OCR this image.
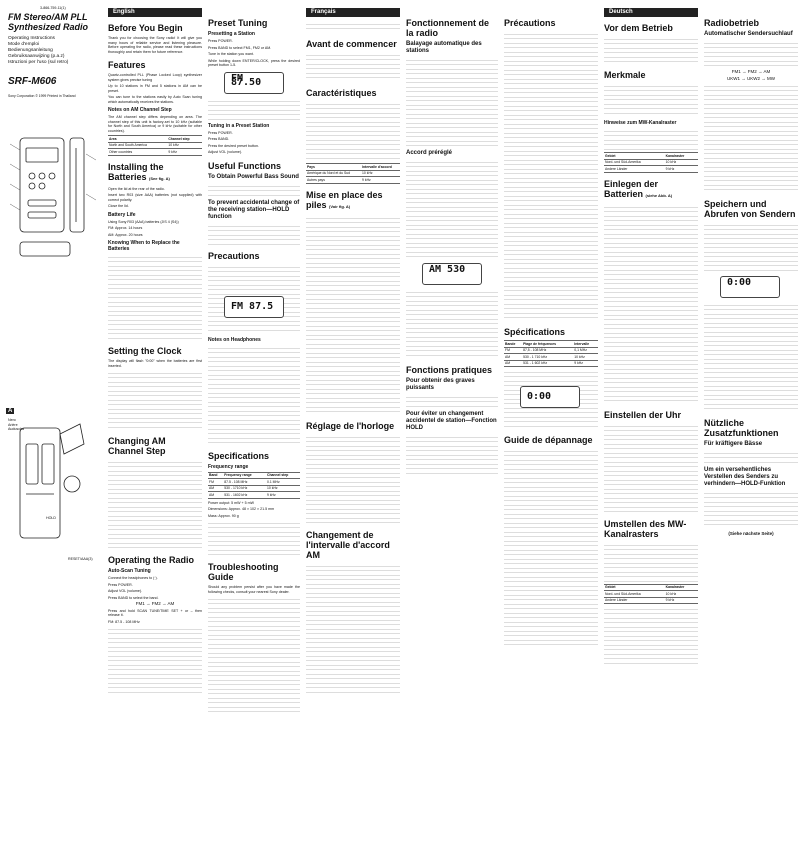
3-866-759-11(1)
FM Stereo/AM PLL
Synthesized Radio
Operating Instructions
Mode d'emploi
Bedienungsanleitung
Gebruiksaanwijzing (p.a.z)
Istruzioni per l'uso (sul retro)
SRF-M606
Sony Corporation © 1999 Printed in Thailand
A
Nero
Arière
Auduscha
HOLD
RESET/AAA(3)
English
Before You Begin
Thank you for choosing the Sony radio! It will give you many hours of reliable service and listening pleasure. Before operating the radio, please read these instructions thoroughly and retain them for future reference.
Features
Quartz-controlled PLL (Phase Locked Loop) synthesizer system gives precise tuning
Up to 10 stations in FM and 5 stations in AM can be preset.
You can tune to the stations easily by Auto Scan tuning which automatically receives the stations.
Notes on AM Channel Step
The AM channel step differs depending on area. The channel step of this unit is factory-set to 10 kHz (suitable for North and South America) or 9 kHz (suitable for other countries).
Area	Channel step
North and South America	10 kHz
Other countries	9 kHz
Installing the Batteries (See fig. A)
Open the lid at the rear of the radio.
Insert two R03 (size AAA) batteries (not supplied) with correct polarity.
Close the lid.
Battery Life
Using Sony R03 (AAA) batteries (JIS 4 (S4))
FM: Approx. 14 hours
AM: Approx. 20 hours
Knowing When to Replace the Batteries
Setting the Clock
The display will flash "0:00" when the batteries are first inserted.
Changing AM Channel Step
Operating the Radio
Auto-Scan Tuning
Connect the headphones to (·).
Press POWER.
Adjust VOL (volume).
Press BAND to select the band.
FM1 → FM2 → AM
Press and hold SCAN TUNE/TIME SET + or – then release it.
FM: 87.5 - 108 MHz
Preset Tuning
Presetting a Station
Press POWER.
Press BAND to select FM1, FM2 or AM.
Tune in the station you want.
While holding down ENTER/CLOCK, press the desired preset button 1-5.
FM 87.50
Tuning in a Preset Station
Press POWER.
Press BAND.
Press the desired preset button.
Adjust VOL (volume).
Useful Functions
To Obtain Powerful Bass Sound
To prevent accidental change of the receiving station—HOLD function
Precautions
Notes on Headphones
Specifications
Frequency range
Band	Frequency range	Channel step
FM	87.5 - 108 MHz	0.1 MHz
AM	530 - 1710 kHz	10 kHz
AM	531 - 1602 kHz	9 kHz
Power output: 5 mW + 5 mW
Dimensions: Approx. 48 × 102 × 21.5 mm
Mass: Approx. 90 g
Troubleshooting Guide
Should any problem persist after you have made the following checks, consult your nearest Sony dealer.
Français
Avant de commencer
Caractéristiques
Pays	Intervalle d'accord
Amérique du Nord et du Sud	10 kHz
Autres pays	9 kHz
Mise en place des piles (Voir fig. A)
Réglage de l'horloge
Changement de l'intervalle d'accord AM
Fonctionnement de la radio
Balayage automatique des stations
Accord préréglé
AM 530
Fonctions pratiques
Pour obtenir des graves puissants
Pour éviter un changement accidentel de station—Fonction HOLD
Précautions
Spécifications
Bande	Plage de fréquences	Intervalle
FM	87,5 - 108 MHz	0,1 MHz
AM	530 - 1 710 kHz	10 kHz
AM	531 - 1 602 kHz	9 kHz
Guide de dépannage
Deutsch
Vor dem Betrieb
Merkmale
Hinweise zum MW-Kanalraster
Gebiet	Kanalraster
Nord- und Süd-Amerika	10 kHz
Andere Länder	9 kHz
Einlegen der Batterien (siehe Abb. A)
Einstellen der Uhr
Umstellen des MW-Kanalrasters
Gebiet	Kanalraster
Nord- und Süd-Amerika	10 kHz
Andere Länder	9 kHz
Radiobetrieb
Automatischer Sendersuchlauf
FM1 → FM2 → AM
UKW1 → UKW2 → MW
Speichern und Abrufen von Sendern
0:00
Nützliche Zusatzfunktionen
Für kräftigere Bässe
Um ein versehentliches Verstellen des Senders zu verhindern—HOLD-Funktion
(Siehe nächste Seite)
FM 87.5
0:00
